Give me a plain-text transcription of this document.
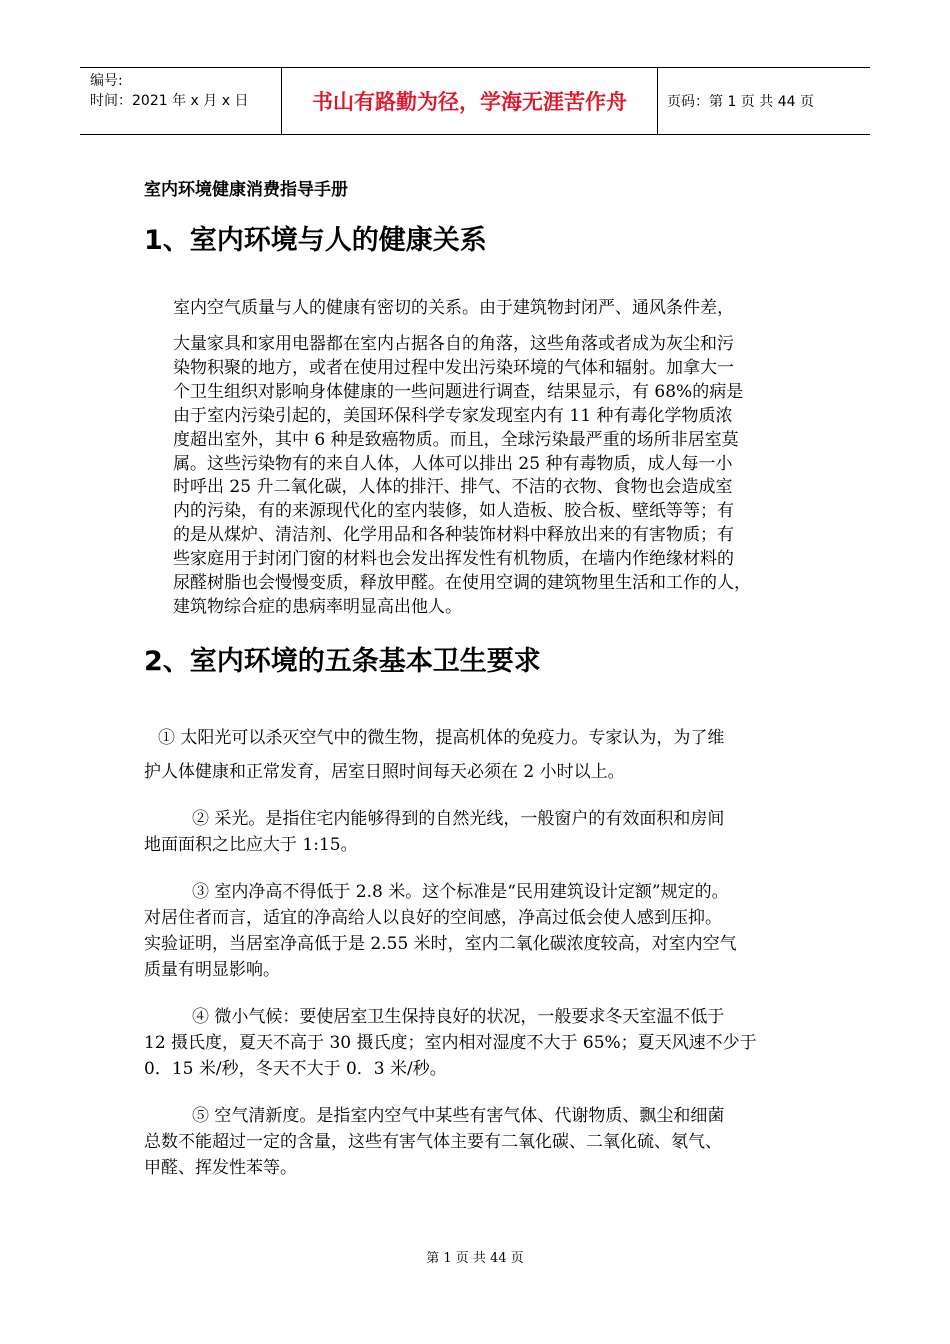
编号:
时间：2021 年 x 月 x 日	书山有路勤为径，学海无涯苦作舟	页码：第 1 页 共 44 页
室内环境健康消费指导手册
1、室内环境与人的健康关系
室内空气质量与人的健康有密切的关系。由于建筑物封闭严、通风条件差，
大量家具和家用电器都在室内占据各自的角落，这些角落或者成为灰尘和污
染物积聚的地方，或者在使用过程中发出污染环境的气体和辐射。加拿大一
个卫生组织对影响身体健康的一些问题进行调查，结果显示，有 68%的病是
由于室内污染引起的，美国环保科学专家发现室内有 11 种有毒化学物质浓
度超出室外，其中 6 种是致癌物质。而且，全球污染最严重的场所非居室莫
属。这些污染物有的来自人体，人体可以排出 25 种有毒物质，成人每一小
时呼出 25 升二氧化碳，人体的排汗、排气、不洁的衣物、食物也会造成室
内的污染，有的来源现代化的室内装修，如人造板、胶合板、壁纸等等；有
的是从煤炉、清洁剂、化学用品和各种装饰材料中释放出来的有害物质；有
些家庭用于封闭门窗的材料也会发出挥发性有机物质，在墙内作绝缘材料的
尿醛树脂也会慢慢变质，释放甲醛。在使用空调的建筑物里生活和工作的人，
建筑物综合症的患病率明显高出他人。
2、室内环境的五条基本卫生要求
① 太阳光可以杀灭空气中的微生物，提高机体的免疫力。专家认为，为了维
护人体健康和正常发育，居室日照时间每天必须在 2 小时以上。
② 采光。是指住宅内能够得到的自然光线，一般窗户的有效面积和房间
地面面积之比应大于 1:15。
③ 室内净高不得低于 2.8 米。这个标准是“民用建筑设计定额”规定的。
对居住者而言，适宜的净高给人以良好的空间感，净高过低会使人感到压抑。
实验证明，当居室净高低于是 2.55 米时，室内二氧化碳浓度较高，对室内空气
质量有明显影响。
④ 微小气候：要使居室卫生保持良好的状况，一般要求冬天室温不低于
12 摄氏度，夏天不高于 30 摄氏度；室内相对湿度不大于 65%；夏天风速不少于
0．15 米/秒，冬天不大于 0．3 米/秒。
⑤ 空气清新度。是指室内空气中某些有害气体、代谢物质、飘尘和细菌
总数不能超过一定的含量，这些有害气体主要有二氧化碳、二氧化硫、氡气、
甲醛、挥发性苯等。
第 1 页 共 44 页
